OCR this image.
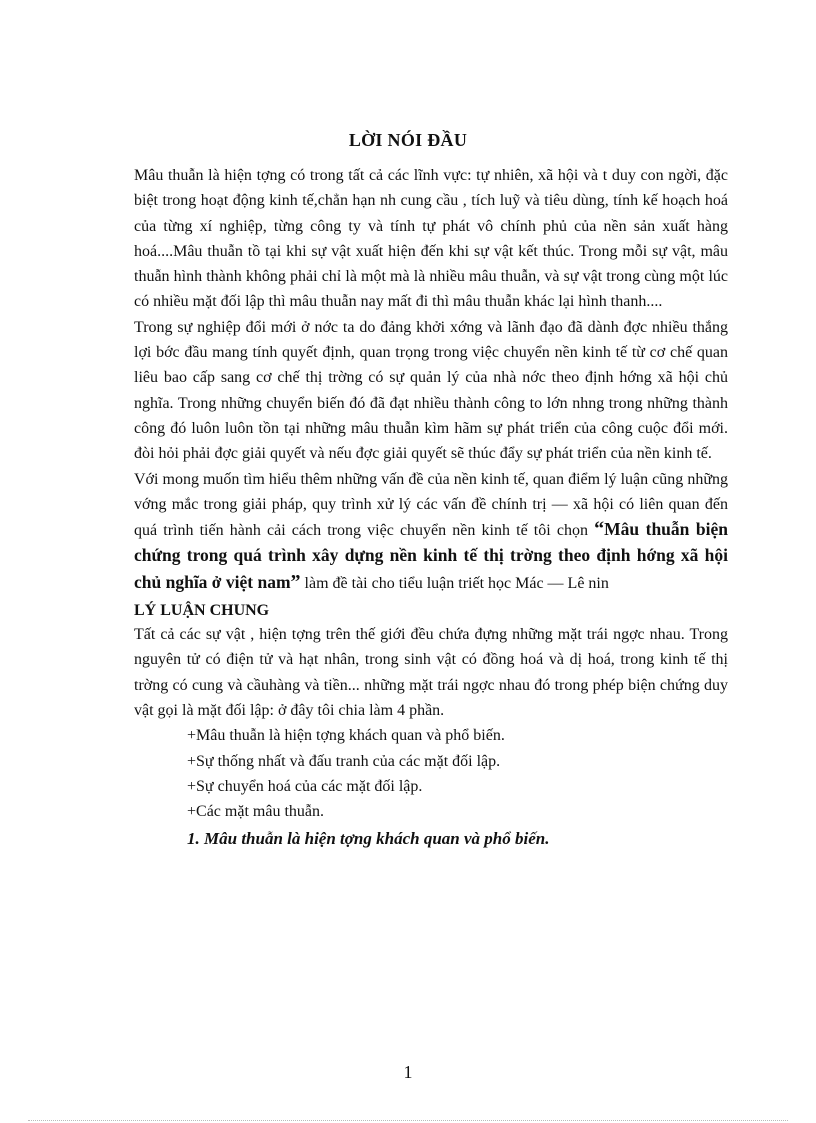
LỜI NÓI ĐẦU

Mâu thuẫn là hiện tợng có trong tất cả các lĩnh vực: tự nhiên, xã hội và t duy con ngời, đặc biệt trong hoạt động kinh tế,chẳn hạn nh cung cầu , tích luỹ và tiêu dùng, tính kế hoạch hoá của từng xí nghiệp, từng công ty và tính tự phát vô chính phủ của nền sản xuất hàng hoá....Mâu thuẫn tồ tại khi sự vật xuất hiện đến khi sự vật kết thúc. Trong mỗi sự vật, mâu thuẫn hình thành không phải chỉ là một mà là nhiều mâu thuẫn, và sự vật trong cùng một lúc có nhiều mặt đối lập thì mâu thuẫn nay mất đi thì mâu thuẫn khác lại hình thanh....

Trong sự nghiệp đổi mới ở nớc ta do đảng khởi xớng và lãnh đạo đã dành đợc nhiều thắng lợi bớc đầu mang tính quyết định, quan trọng trong việc chuyển nền kinh tế từ cơ chế quan liêu bao cấp sang cơ chế thị trờng có sự quản lý của nhà nớc theo định hớng xã hội chủ nghĩa. Trong những chuyển biến đó đã đạt nhiều thành công to lớn nhng trong những thành công đó luôn luôn tồn tại những mâu thuẫn kìm hãm sự phát triển của công cuộc đổi mới. đòi hỏi phải đợc giải quyết và nếu đợc giải quyết sẽ thúc đẩy sự phát triển của nền kinh tế.

Với mong muốn tìm hiểu thêm những vấn đề của nền kinh tế, quan điểm lý luận cũng những vớng mắc trong giải pháp, quy trình xử lý các vấn đề chính trị — xã hội có liên quan đến quá trình tiến hành cải cách trong việc chuyển nền kinh tế tôi chọn “Mâu thuẫn biện chứng trong quá trình xây dựng nền kinh tế thị trờng theo định hớng xã hội chủ nghĩa ở việt nam” làm đề tài cho tiểu luận triết học Mác — Lê nin

LÝ LUẬN CHUNG

Tất cả các sự vật , hiện tợng trên thế giới đều chứa đựng những mặt trái ngợc nhau. Trong nguyên tử có điện tử và hạt nhân, trong sinh vật có đồng hoá và dị hoá, trong kinh tế thị trờng có cung và cầuhàng và tiền... những mặt trái ngợc nhau đó trong phép biện chứng duy vật gọi là mặt đối lập: ở đây tôi chia làm 4 phần.

+Mâu thuẫn là hiện tợng khách quan và phổ biến.
+Sự thống nhất và đấu tranh của các mặt đối lập.
+Sự chuyển hoá của các mặt đối lập.
+Các mặt mâu thuẫn.

1. Mâu thuẫn là hiện tợng khách quan và phổ biến.

1
